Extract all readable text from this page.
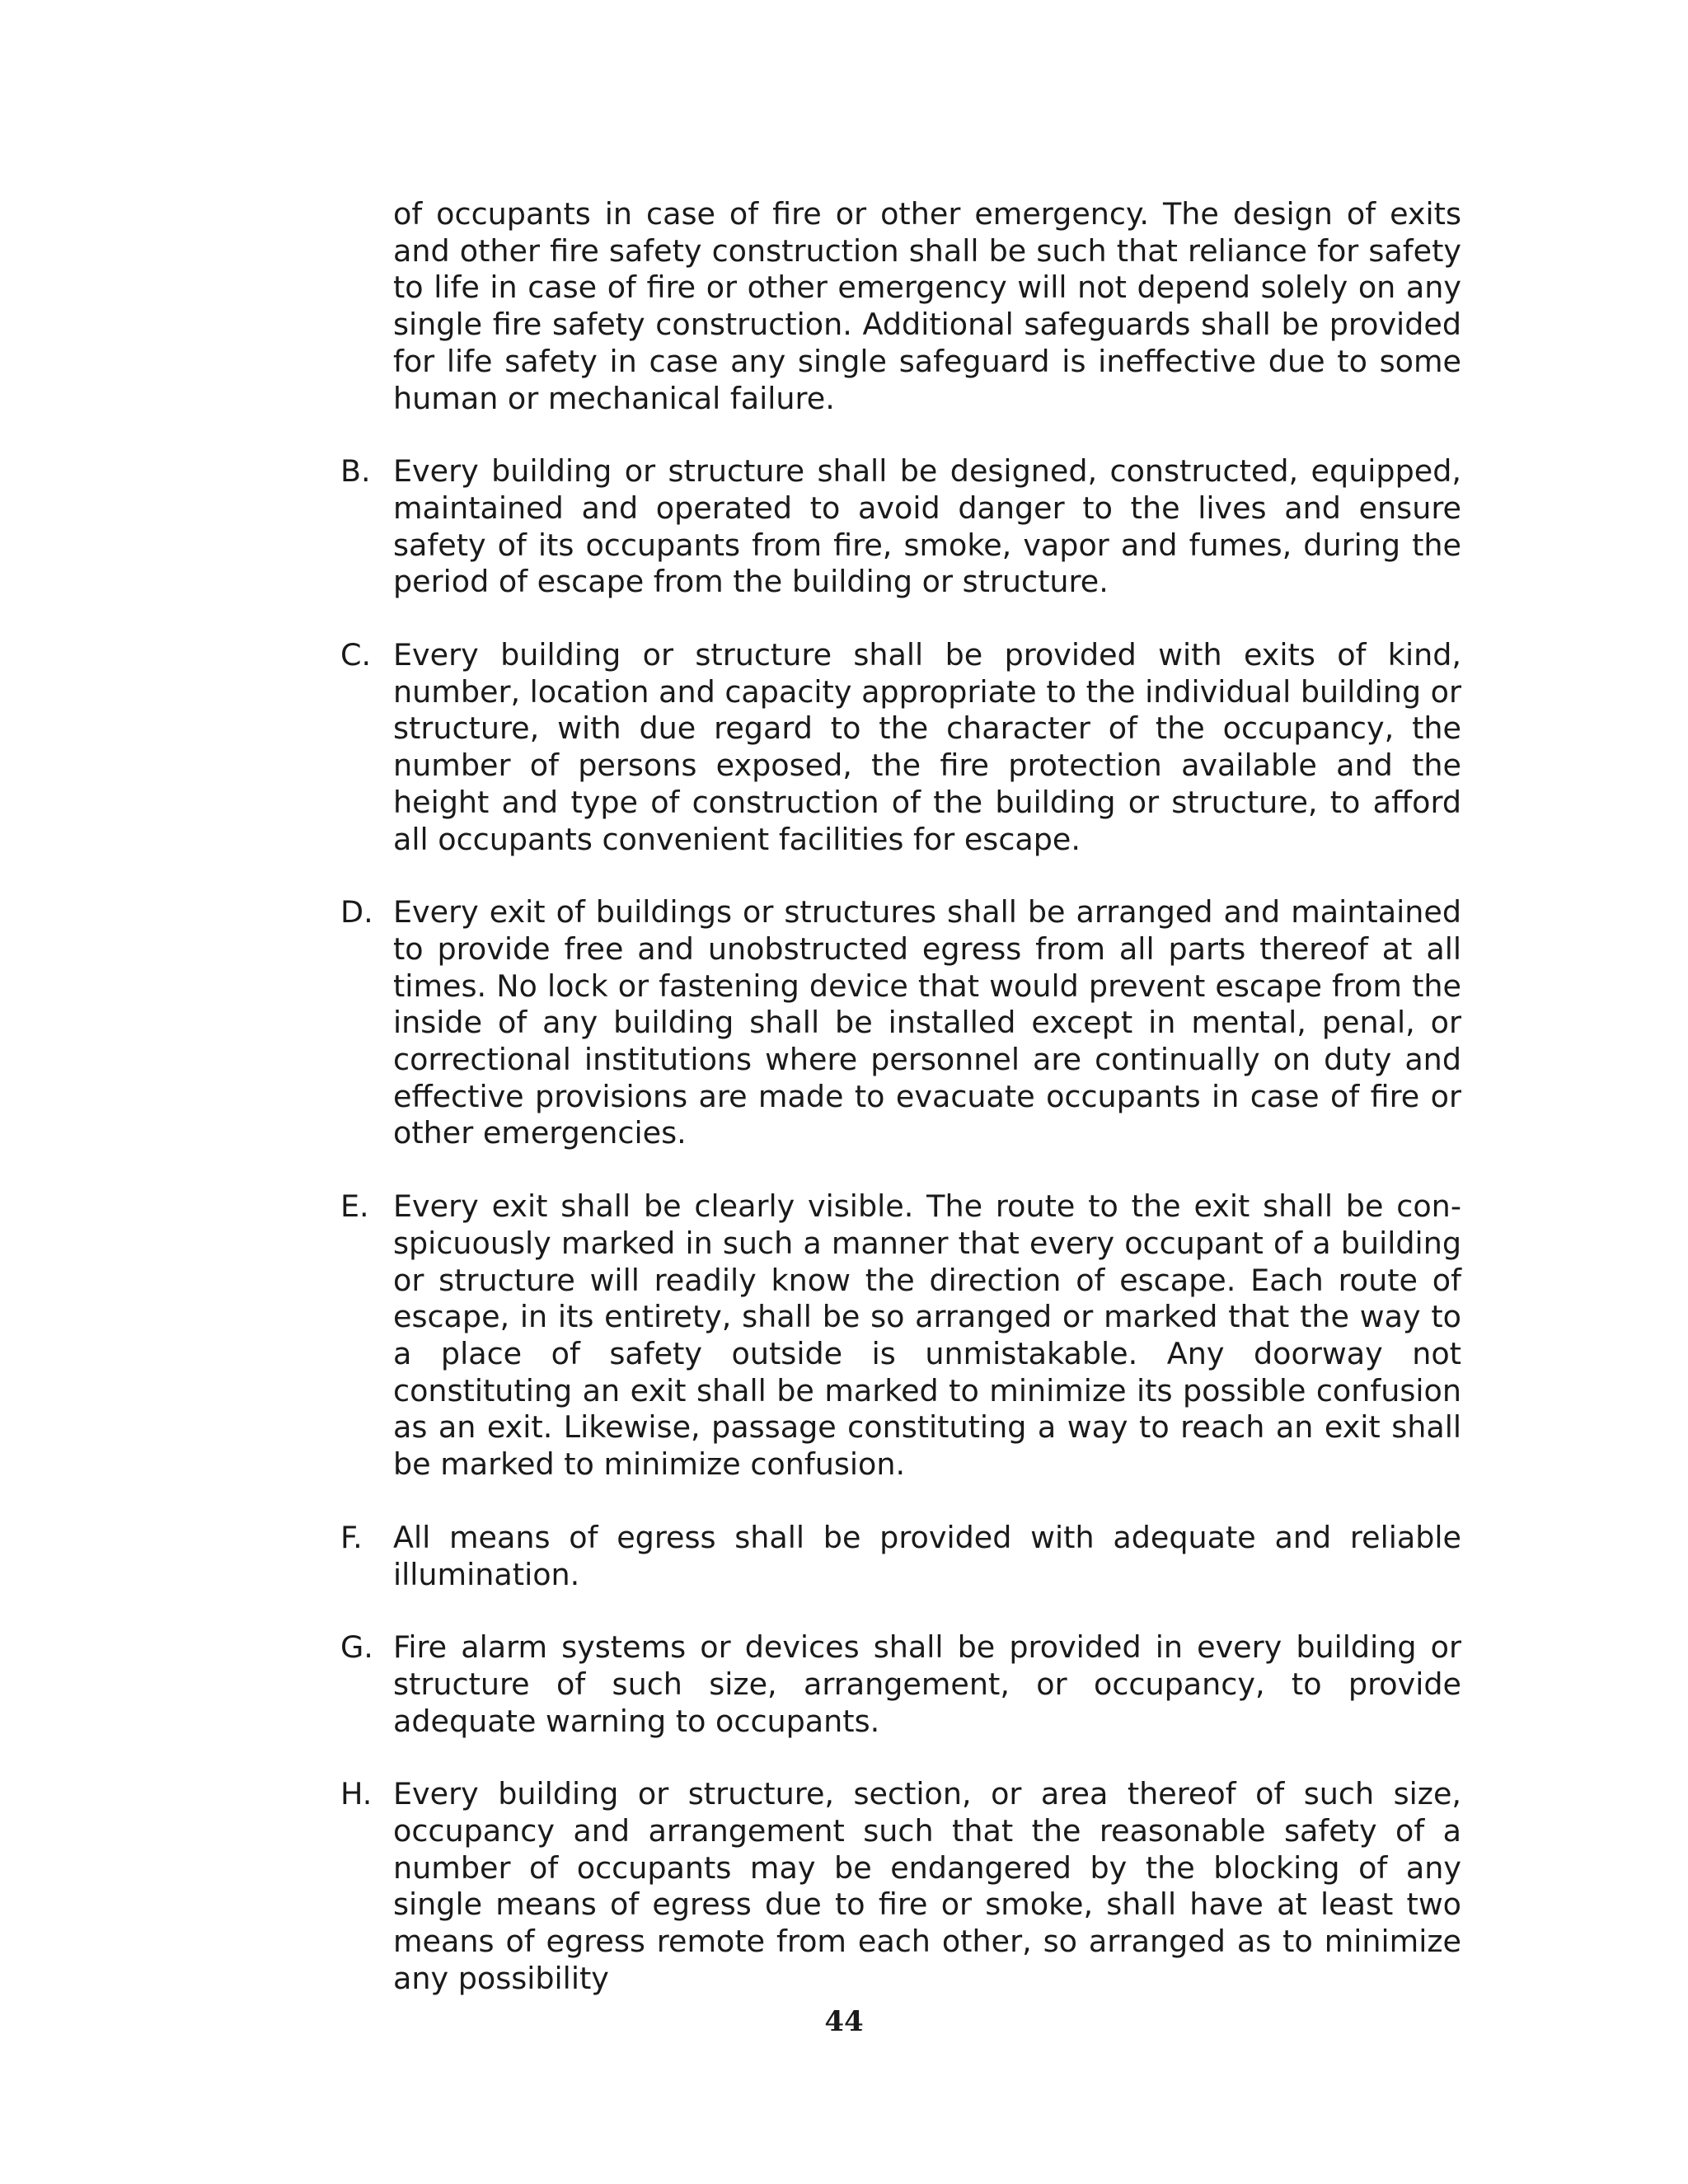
of occupants in case of fire or other emergency. The design of exits and other fire safety construction shall be such that reliance for safety to life in case of fire or other emergency will not depend solely on any single fire safety construction. Additional safeguards shall be provided for life safety in case any single safeguard is ineffective due to some human or mechanical failure.
B. Every building or structure shall be designed, constructed, equipped, maintained and operated to avoid danger to the lives and ensure safety of its occupants from fire, smoke, vapor and fumes, during the period of escape from the building or structure.
C. Every building or structure shall be provided with exits of kind, number, location and capacity appropriate to the individual building or structure, with due regard to the character of the occupancy, the number of persons exposed, the fire protection available and the height and type of construction of the building or structure, to afford all occupants convenient facilities for escape.
D. Every exit of buildings or structures shall be arranged and maintained to provide free and unobstructed egress from all parts thereof at all times. No lock or fastening device that would prevent escape from the inside of any building shall be installed except in mental, penal, or correctional institutions where personnel are continually on duty and effective provisions are made to evacuate occupants in case of fire or other emergencies.
E. Every exit shall be clearly visible. The route to the exit shall be con-spicuously marked in such a manner that every occupant of a building or structure will readily know the direction of escape. Each route of escape, in its entirety, shall be so arranged or marked that the way to a place of safety outside is unmistakable. Any doorway not constituting an exit shall be marked to minimize its possible confusion as an exit. Likewise, passage constituting a way to reach an exit shall be marked to minimize confusion.
F.	All means of egress shall be provided with adequate and reliable illumination.
G. Fire alarm systems or devices shall be provided in every building or structure of such size, arrangement, or occupancy, to provide adequate warning to occupants.
H. Every building or structure, section, or area thereof of such size, occupancy and arrangement such that the reasonable safety of a number of occupants may be endangered by the blocking of any single means of egress due to fire or smoke, shall have at least two means of egress remote from each other, so arranged as to minimize any possibility
44
